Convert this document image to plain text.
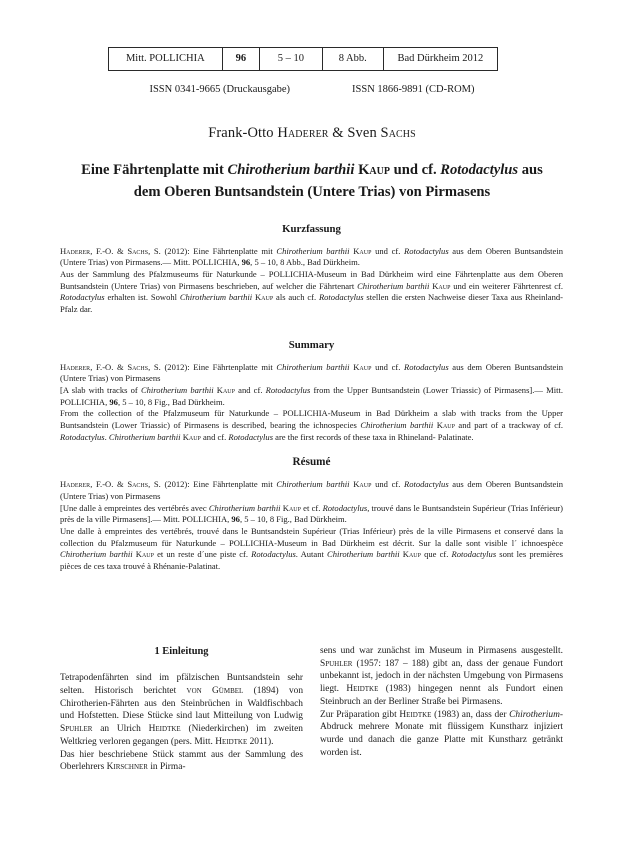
Mitt. POLLICHIA	96	5 – 10	8 Abb.	Bad Dürkheim 2012
ISSN 0341-9665 (Druckausgabe)	ISSN 1866-9891 (CD-ROM)
Frank-Otto Haderer & Sven Sachs
Eine Fährtenplatte mit Chirotherium barthii Kaup und cf. Rotodactylus aus
dem Oberen Buntsandstein (Untere Trias) von Pirmasens
Kurzfassung

Haderer, F.-O. & Sachs, S. (2012): Eine Fährtenplatte mit Chirotherium barthii Kaup und cf. Rotodactylus aus dem Oberen Buntsandstein (Untere Trias) von Pirmasens.— Mitt. POLLICHIA, 96, 5 – 10, 8 Abb., Bad Dürkheim.

Aus der Sammlung des Pfalzmuseums für Naturkunde – POLLICHIA-Museum in Bad Dürkheim wird eine Fährtenplatte aus dem Oberen Buntsandstein (Untere Trias) von Pirmasens beschrieben, auf welcher die Fährtenart Chirotherium barthii Kaup und ein weiterer Fährtenrest cf. Rotodactylus erhalten ist. Sowohl Chirotherium barthii Kaup als auch cf. Rotodactylus stellen die ersten Nachweise dieser Taxa aus Rheinland-Pfalz dar.

Summary

Haderer, F.-O. & Sachs, S. (2012): Eine Fährtenplatte mit Chirotherium barthii Kaup und cf. Rotodactylus aus dem Oberen Buntsandstein (Untere Trias) von Pirmasens
[A slab with tracks of Chirotherium barthii Kaup and cf. Rotodactylus from the Upper Buntsandstein (Lower Triassic) of Pirmasens].— Mitt. POLLICHIA, 96, 5 – 10, 8 Fig., Bad Dürkheim.

From the collection of the Pfalzmuseum für Naturkunde – POLLICHIA-Museum in Bad Dürkheim a slab with tracks from the Upper Buntsandstein (Lower Triassic) of Pirmasens is described, bearing the ichnospecies Chirotherium barthii Kaup and part of a trackway of cf. Rotodactylus. Chirotherium barthii Kaup and cf. Rotodactylus are the first records of these taxa in Rhineland- Palatinate.

Résumé

Haderer, F.-O. & Sachs, S. (2012): Eine Fährtenplatte mit Chirotherium barthii Kaup und cf. Rotodactylus aus dem Oberen Buntsandstein (Untere Trias) von Pirmasens
[Une dalle à empreintes des vertébrés avec Chirotherium barthii Kaup et cf. Rotodactylus, trouvé dans le Buntsandstein Supérieur (Trias Inférieur) près de la ville Pirmasens].— Mitt. POLLICHIA, 96, 5 – 10, 8 Fig., Bad Dürkheim.

Une dalle à empreintes des vertébrés, trouvé dans le Buntsandstein Supérieur (Trias Inférieur) près de la ville Pirmasens et conservé dans la collection du Pfalzmuseum für Naturkunde – POLLICHIA-Museum in Bad Dürkheim est décrit. Sur la dalle sont visible l´ ichnoespèce Chirotherium barthii Kaup et un reste d´une piste cf. Rotodactylus. Autant Chirotherium barthii Kaup que cf. Rotodactylus sont les premières pièces de ces taxa trouvé à Rhénanie-Palatinat.

1 Einleitung

Tetrapodenfährten sind im pfälzischen Buntsandstein sehr selten. Historisch berichtet von Gümbel (1894) von Chirotherien-Fährten aus den Steinbrüchen in Waldfischbach und Hofstetten. Diese Stücke sind laut Mitteilung von Ludwig Spuhler an Ulrich Heidtke (Niederkirchen) im zweiten Weltkrieg verloren gegangen (pers. Mitt. Heidtke 2011).

Das hier beschriebene Stück stammt aus der Sammlung des Oberlehrers Kirschner in Pirma-

sens und war zunächst im Museum in Pirmasens ausgestellt. Spuhler (1957: 187 – 188) gibt an, dass der genaue Fundort unbekannt ist, jedoch in der nächsten Umgebung von Pirmasens liegt. Heidtke (1983) hingegen nennt als Fundort einen Steinbruch an der Berliner Straße bei Pirmasens.

Zur Präparation gibt Heidtke (1983) an, dass der Chirotherium-Abdruck mehrere Monate mit flüssigem Kunstharz injiziert wurde und danach die ganze Platte mit Kunstharz getränkt worden ist.
